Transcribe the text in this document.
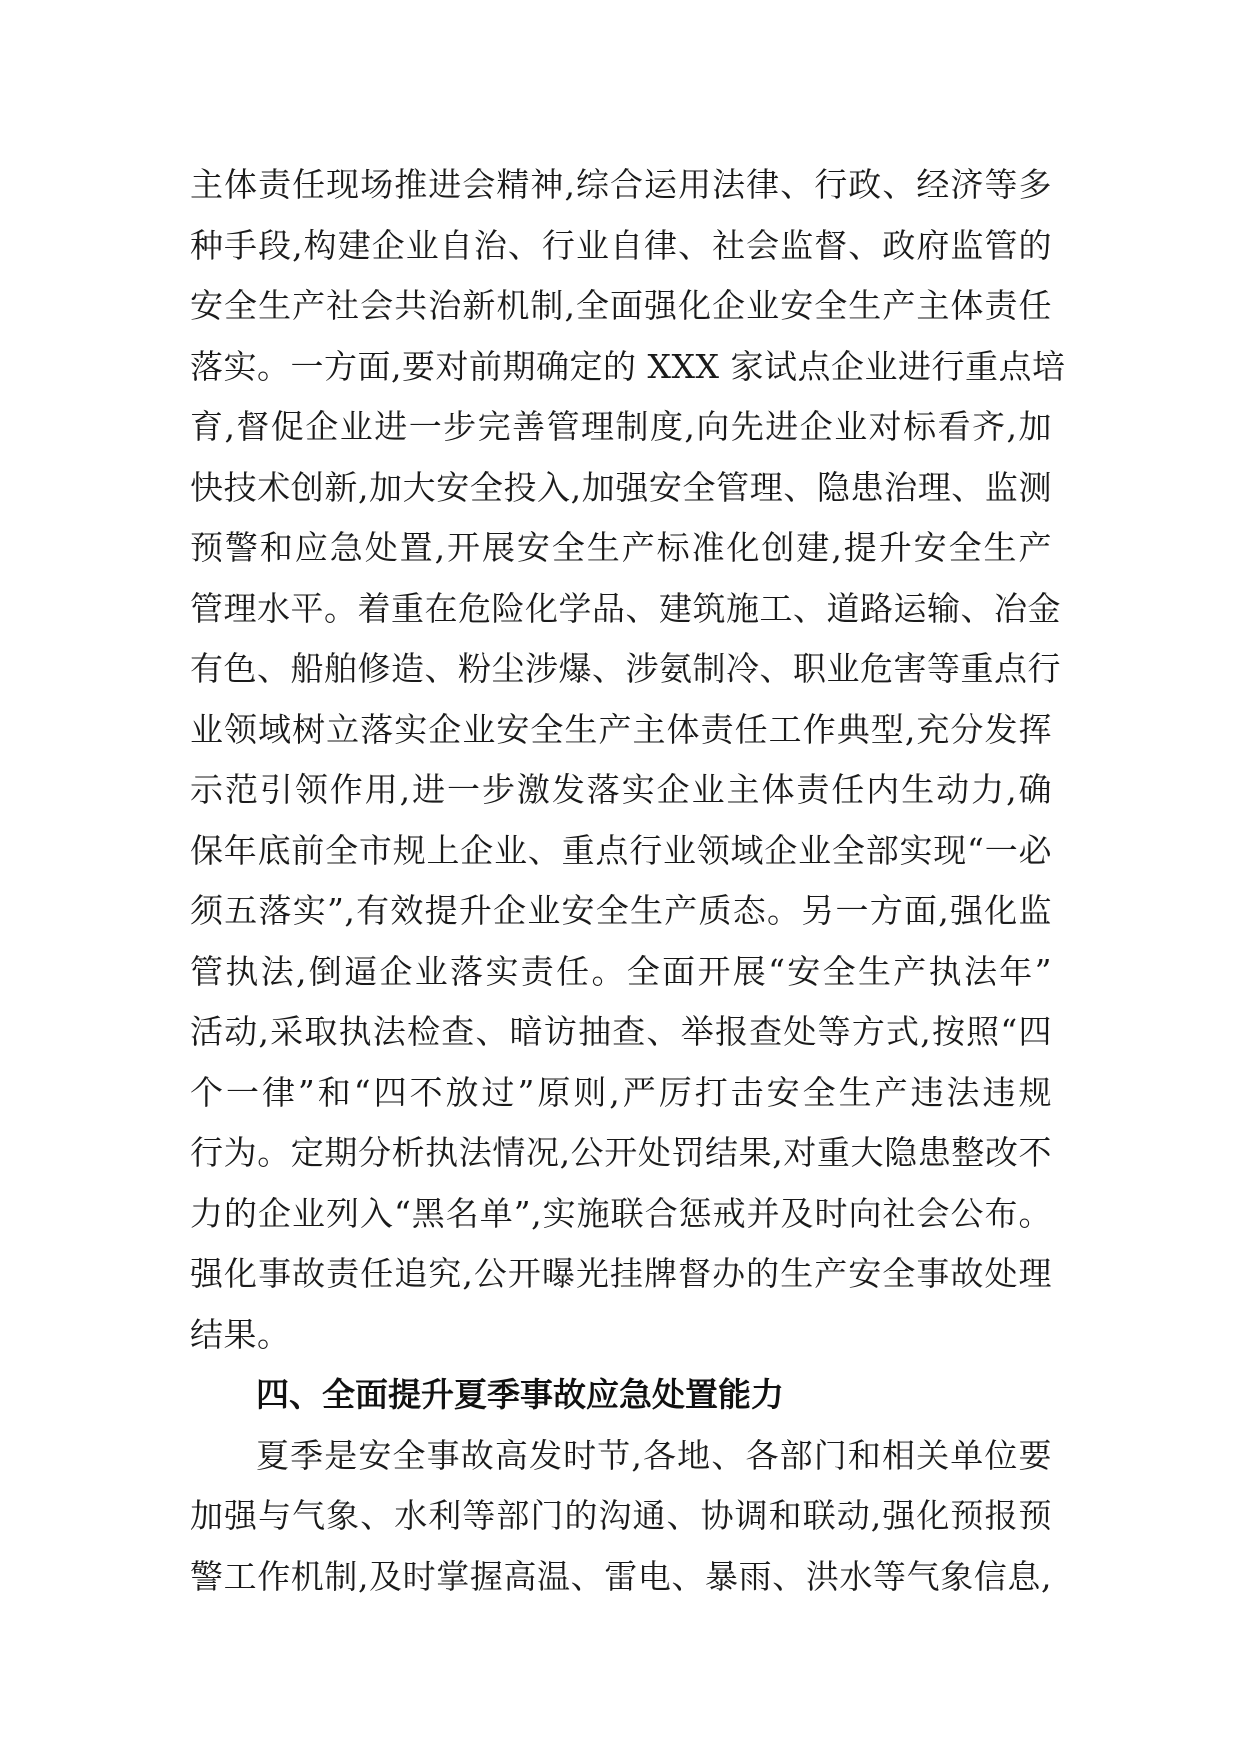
主体责任现场推进会精神,综合运用法律、行政、经济等多
种手段,构建企业自治、行业自律、社会监督、政府监管的
安全生产社会共治新机制,全面强化企业安全生产主体责任
落实。一方面,要对前期确定的 XXX 家试点企业进行重点培
育,督促企业进一步完善管理制度,向先进企业对标看齐,加
快技术创新,加大安全投入,加强安全管理、隐患治理、监测
预警和应急处置,开展安全生产标准化创建,提升安全生产
管理水平。着重在危险化学品、建筑施工、道路运输、冶金
有色、船舶修造、粉尘涉爆、涉氨制冷、职业危害等重点行
业领域树立落实企业安全生产主体责任工作典型,充分发挥
示范引领作用,进一步激发落实企业主体责任内生动力,确
保年底前全市规上企业、重点行业领域企业全部实现“一必
须五落实”,有效提升企业安全生产质态。另一方面,强化监
管执法,倒逼企业落实责任。全面开展“安全生产执法年”
活动,采取执法检查、暗访抽查、举报查处等方式,按照“四
个一律”和“四不放过”原则,严厉打击安全生产违法违规
行为。定期分析执法情况,公开处罚结果,对重大隐患整改不
力的企业列入“黑名单”,实施联合惩戒并及时向社会公布。
强化事故责任追究,公开曝光挂牌督办的生产安全事故处理
结果。
四、全面提升夏季事故应急处置能力
夏季是安全事故高发时节,各地、各部门和相关单位要
加强与气象、水利等部门的沟通、协调和联动,强化预报预
警工作机制,及时掌握高温、雷电、暴雨、洪水等气象信息,
